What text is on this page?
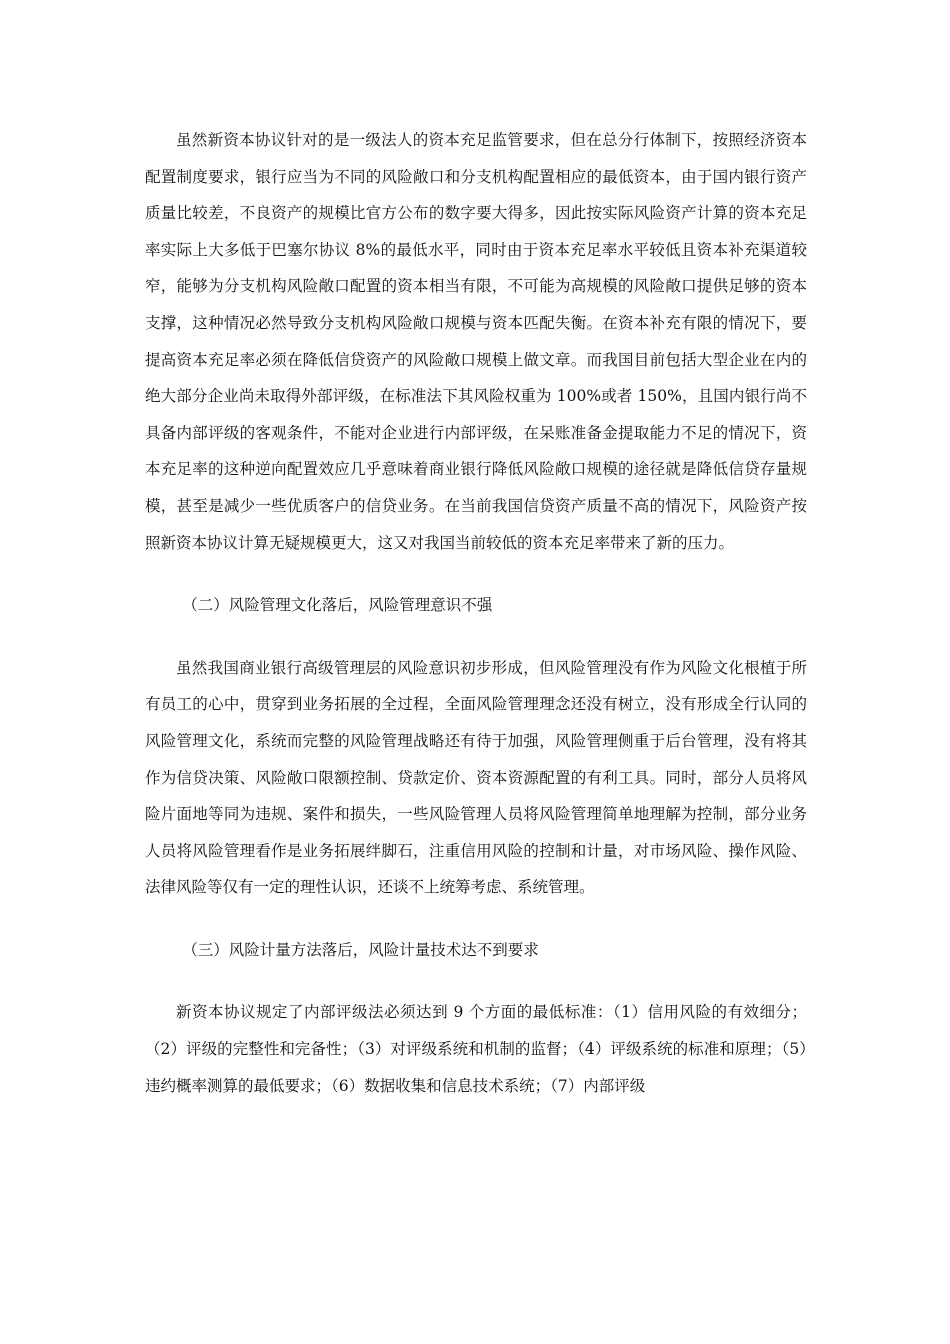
虽然新资本协议针对的是一级法人的资本充足监管要求，但在总分行体制下，按照经济资本配置制度要求，银行应当为不同的风险敞口和分支机构配置相应的最低资本，由于国内银行资产质量比较差，不良资产的规模比官方公布的数字要大得多，因此按实际风险资产计算的资本充足率实际上大多低于巴塞尔协议 8%的最低水平，同时由于资本充足率水平较低且资本补充渠道较窄，能够为分支机构风险敞口配置的资本相当有限，不可能为高规模的风险敞口提供足够的资本支撑，这种情况必然导致分支机构风险敞口规模与资本匹配失衡。在资本补充有限的情况下，要提高资本充足率必须在降低信贷资产的风险敞口规模上做文章。而我国目前包括大型企业在内的绝大部分企业尚未取得外部评级，在标准法下其风险权重为 100%或者 150%，且国内银行尚不具备内部评级的客观条件，不能对企业进行内部评级，在呆账准备金提取能力不足的情况下，资本充足率的这种逆向配置效应几乎意味着商业银行降低风险敞口规模的途径就是降低信贷存量规模，甚至是减少一些优质客户的信贷业务。在当前我国信贷资产质量不高的情况下，风险资产按照新资本协议计算无疑规模更大，这又对我国当前较低的资本充足率带来了新的压力。

（二）风险管理文化落后，风险管理意识不强

虽然我国商业银行高级管理层的风险意识初步形成，但风险管理没有作为风险文化根植于所有员工的心中，贯穿到业务拓展的全过程，全面风险管理理念还没有树立，没有形成全行认同的风险管理文化，系统而完整的风险管理战略还有待于加强，风险管理侧重于后台管理，没有将其作为信贷决策、风险敞口限额控制、贷款定价、资本资源配置的有利工具。同时，部分人员将风险片面地等同为违规、案件和损失，一些风险管理人员将风险管理简单地理解为控制，部分业务人员将风险管理看作是业务拓展绊脚石，注重信用风险的控制和计量，对市场风险、操作风险、法律风险等仅有一定的理性认识，还谈不上统筹考虑、系统管理。

（三）风险计量方法落后，风险计量技术达不到要求

新资本协议规定了内部评级法必须达到 9 个方面的最低标准：（1）信用风险的有效细分；（2）评级的完整性和完备性；（3）对评级系统和机制的监督；（4）评级系统的标准和原理；（5）违约概率测算的最低要求；（6）数据收集和信息技术系统；（7）内部评级
